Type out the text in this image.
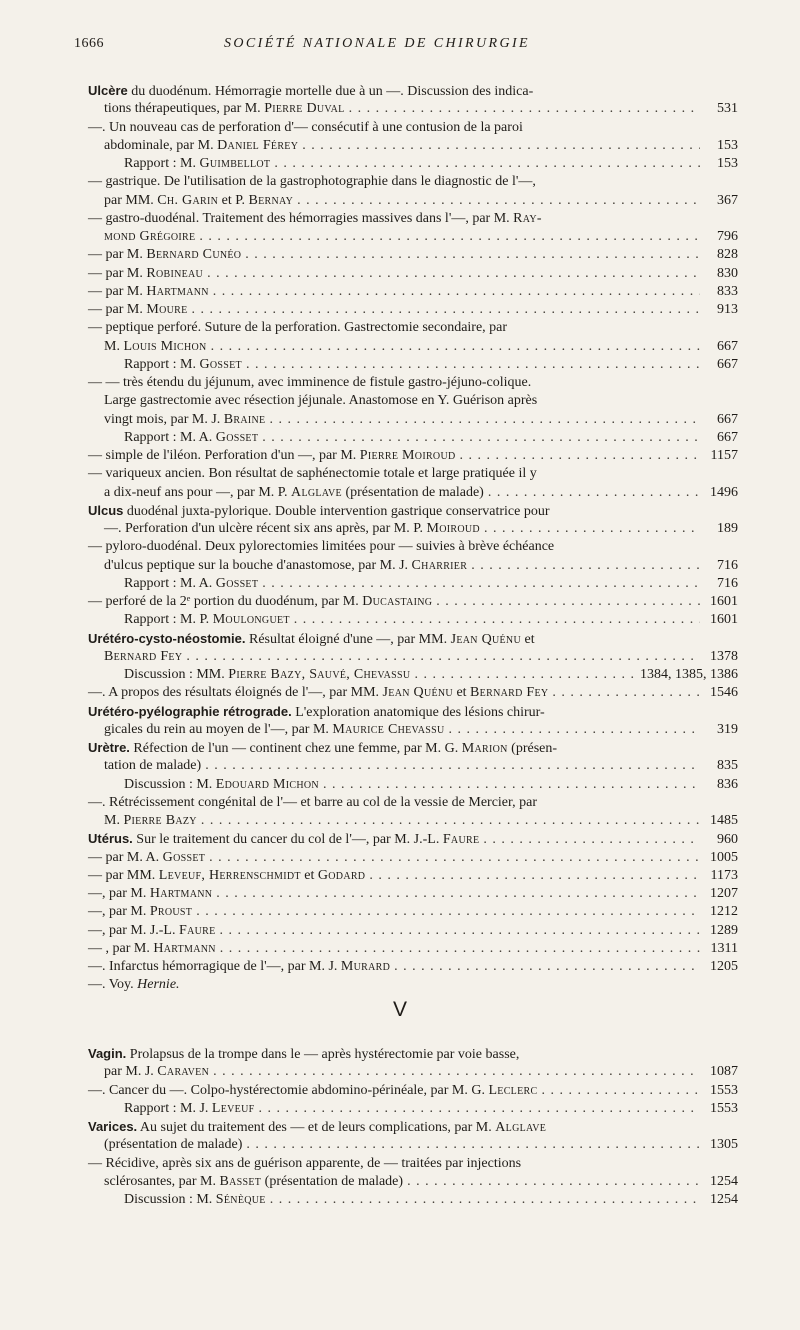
1666	SOCIÉTÉ NATIONALE DE CHIRURGIE
Ulcère du duodénum. Hémorragie mortelle due à un —. Discussion des indica-
tions thérapeutiques, par M. Pierre Duval . . .	531
—. Un nouveau cas de perforation d'— consécutif à une contusion de la paroi
abdominale, par M. Daniel Férey . . .	153
Rapport : M. Guimbellot . . .	153
— gastrique. De l'utilisation de la gastrophotographie dans le diagnostic de l'—,
par MM. Ch. Garin et P. Bernay . . .	367
— gastro-duodénal. Traitement des hémorragies massives dans l'—, par M. Ray-
mond Grégoire . . .	796
— par M. Bernard Cunéo . . .	828
— par M. Robineau . . .	830
— par M. Hartmann . . .	833
— par M. Moure . . .	913
— peptique perforé. Suture de la perforation. Gastrectomie secondaire, par
M. Louis Michon . . .	667
Rapport : M. Gosset . . .	667
— — très étendu du jéjunum, avec imminence de fistule gastro-jéjuno-colique.
Large gastrectomie avec résection jéjunale. Anastomose en Y. Guérison après
vingt mois, par M. J. Braine . . .	667
Rapport : M. A. Gosset . . .	667
— simple de l'iléon. Perforation d'un —, par M. Pierre Moiroud . . .	1157
— variqueux ancien. Bon résultat de saphénectomie totale et large pratiquée il y
a dix-neuf ans pour —, par M. P. Alglave (présentation de malade) . . .	1496
Ulcus duodénal juxta-pylorique. Double intervention gastrique conservatrice pour
—. Perforation d'un ulcère récent six ans après, par M. P. Moiroud . . .	189
— pyloro-duodénal. Deux pylorectomies limitées pour — suivies à brève échéance
d'ulcus peptique sur la bouche d'anastomose, par M. J. Charrier . . .	716
Rapport : M. A. Gosset . . .	716
— perforé de la 2ᵉ portion du duodénum, par M. Ducastaing . . .	1601
Rapport : M. P. Moulonguet . . .	1601
Urétéro-cysto-néostomie. Résultat éloigné d'une —, par MM. Jean Quénu et
Bernard Fey . . .	1378
Discussion : MM. Pierre Bazy, Sauvé, Chevassu . . .	1384, 1385, 1386
—. A propos des résultats éloignés de l'—, par MM. Jean Quénu et Bernard Fey . . .	1546
Urétéro-pyélographie rétrograde. L'exploration anatomique des lésions chirur-
gicales du rein au moyen de l'—, par M. Maurice Chevassu . . .	319
Urètre. Réfection de l'un — continent chez une femme, par M. G. Marion (présen-
tation de malade) . . .	835
Discussion : M. Edouard Michon . . .	836
—. Rétrécissement congénital de l'— et barre au col de la vessie de Mercier, par
M. Pierre Bazy . . .	1485
Utérus. Sur le traitement du cancer du col de l'—, par M. J.-L. Faure . . .	960
— par M. A. Gosset . . .	1005
— par MM. Leveuf, Herrenschmidt et Godard . . .	1173
—, par M. Hartmann . . .	1207
—, par M. Proust . . .	1212
—, par M. J.-L. Faure . . .	1289
— , par M. Hartmann . . .	1311
—. Infarctus hémorragique de l'—, par M. J. Murard . . .	1205
—. Voy. Hernie.
V
Vagin. Prolapsus de la trompe dans le — après hystérectomie par voie basse,
par M. J. Caraven . . .	1087
—. Cancer du —. Colpo-hystérectomie abdomino-périnéale, par M. G. Leclerc . . .	1553
Rapport : M. J. Leveuf . . .	1553
Varices. Au sujet du traitement des — et de leurs complications, par M. Alglave
(présentation de malade) . . .	1305
— Récidive, après six ans de guérison apparente, de — traitées par injections
sclérosantes, par M. Basset (présentation de malade) . . .	1254
Discussion : M. Sénèque . . .	1254
